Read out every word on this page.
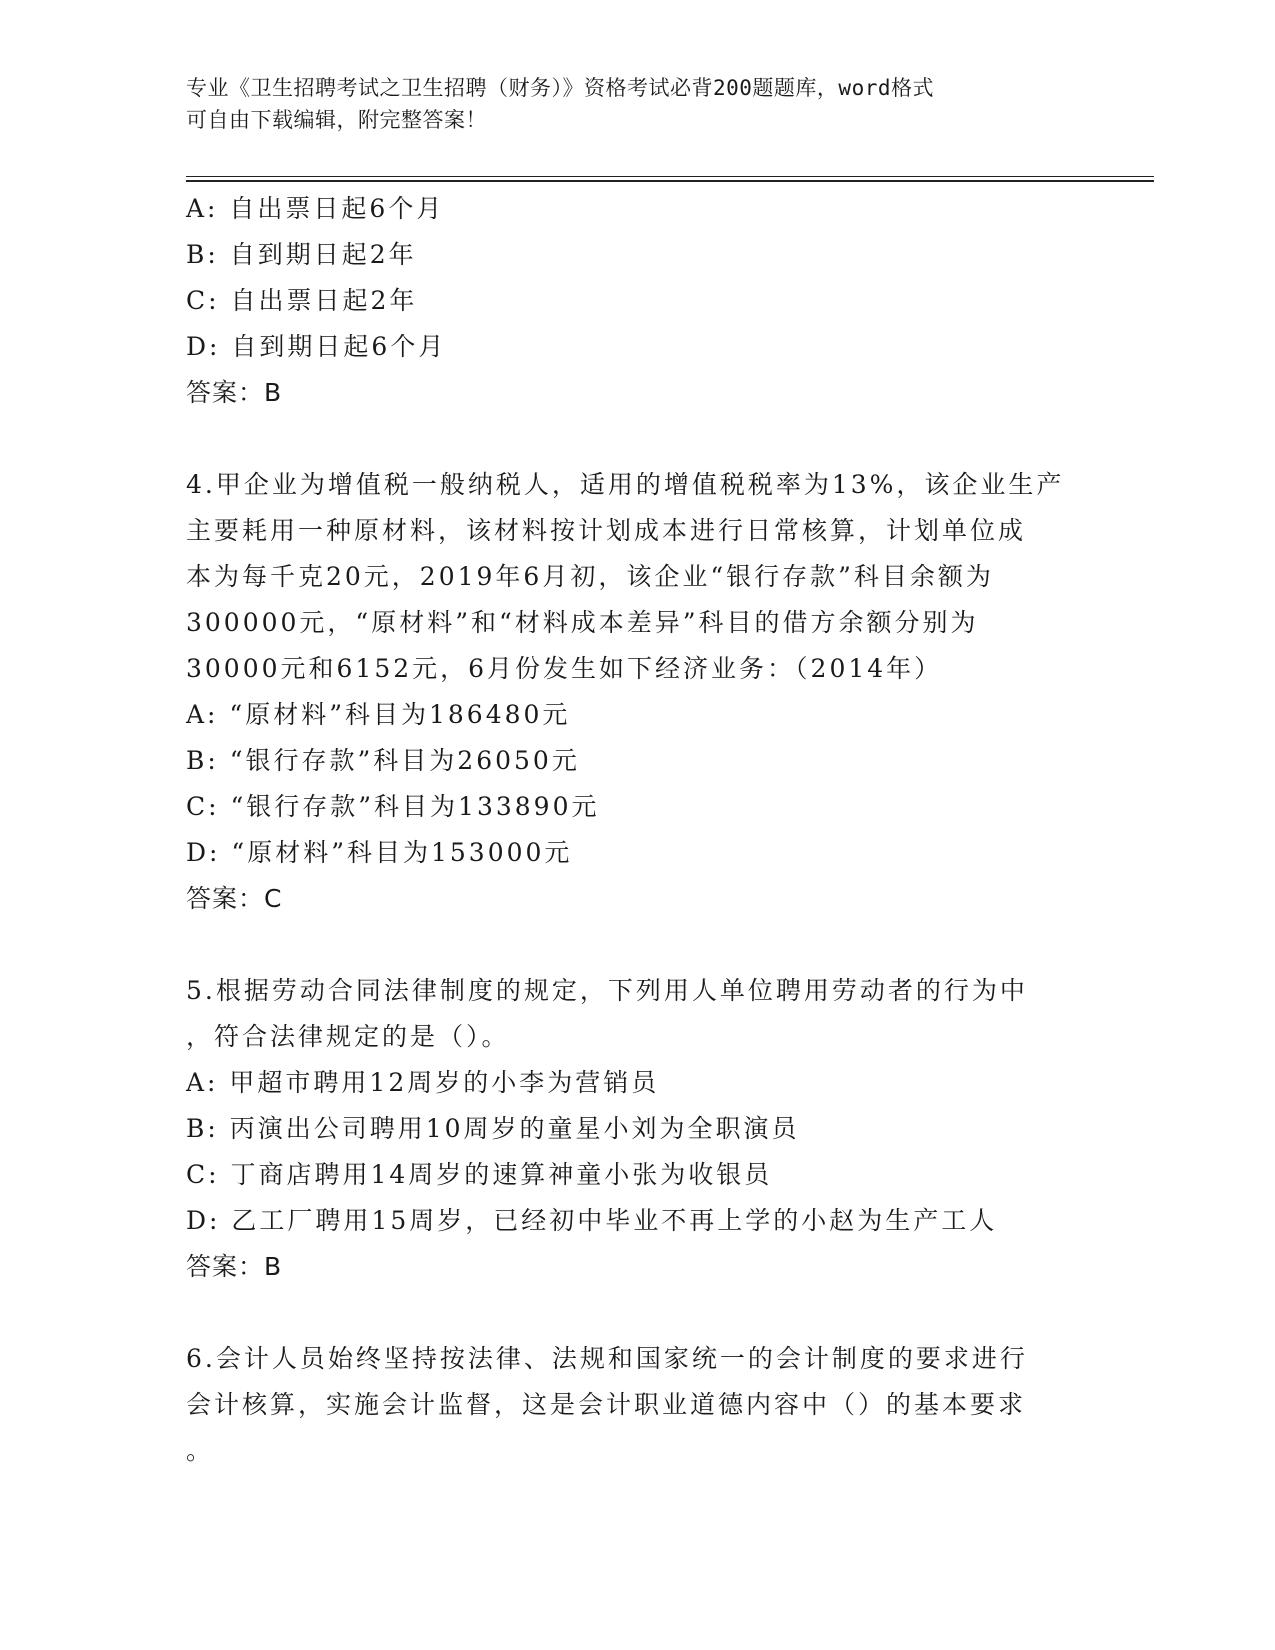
专业《卫生招聘考试之卫生招聘（财务）》资格考试必背200题题库，word格式
可自由下载编辑，附完整答案！
A: 自出票日起6个月
B: 自到期日起2年
C: 自出票日起2年
D: 自到期日起6个月
答案：B
4.甲企业为增值税一般纳税人，适用的增值税税率为13%，该企业生产
主要耗用一种原材料，该材料按计划成本进行日常核算，计划单位成
本为每千克20元，2019年6月初，该企业“银行存款”科目余额为
300000元，“原材料”和“材料成本差异”科目的借方余额分别为
30000元和6152元，6月份发生如下经济业务：（2014年）
A: “原材料”科目为186480元
B: “银行存款”科目为26050元
C: “银行存款”科目为133890元
D: “原材料”科目为153000元
答案：C
5.根据劳动合同法律制度的规定，下列用人单位聘用劳动者的行为中
，符合法律规定的是（）。
A: 甲超市聘用12周岁的小李为营销员
B: 丙演出公司聘用10周岁的童星小刘为全职演员
C: 丁商店聘用14周岁的速算神童小张为收银员
D: 乙工厂聘用15周岁，已经初中毕业不再上学的小赵为生产工人
答案：B
6.会计人员始终坚持按法律、法规和国家统一的会计制度的要求进行
会计核算，实施会计监督，这是会计职业道德内容中（）的基本要求
。
